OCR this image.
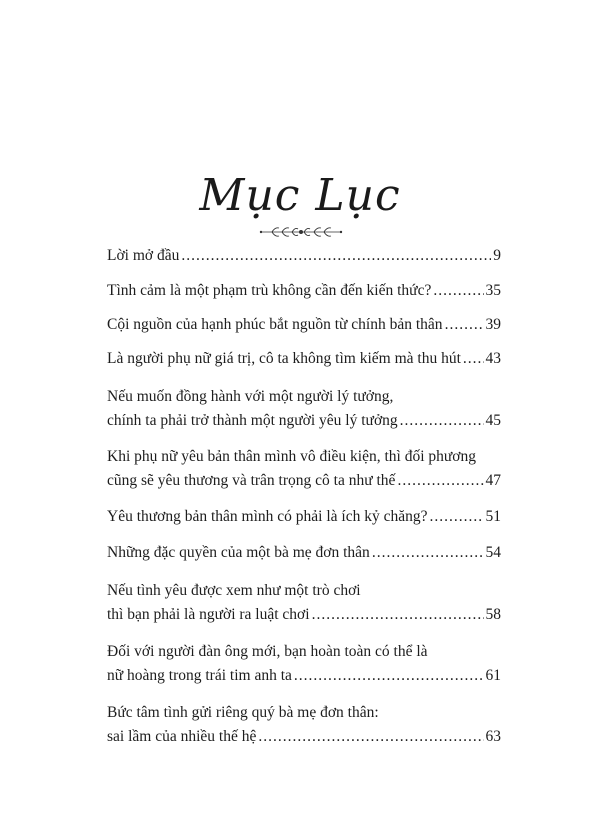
Mục Lục
Lời mở đầu .....	9
Tình cảm là một phạm trù không cần đến kiến thức? .....	35
Cội nguồn của hạnh phúc bắt nguồn từ chính bản thân .....	39
Là người phụ nữ giá trị, cô ta không tìm kiếm mà thu hút ..... 43
Nếu muốn đồng hành với một người lý tưởng,
chính ta phải trở thành một người yêu lý tưởng .....	45
Khi phụ nữ yêu bản thân mình vô điều kiện, thì đối phương
cũng sẽ yêu thương và trân trọng cô ta như thế .....	47
Yêu thương bản thân mình có phải là ích kỷ chăng? .....	51
Những đặc quyền của một bà mẹ đơn thân .....	54
Nếu tình yêu được xem như một trò chơi
thì bạn phải là người ra luật chơi .....	58
Đối với người đàn ông mới, bạn hoàn toàn có thể là
nữ hoàng trong trái tim anh ta .....	61
Bức tâm tình gửi riêng quý bà mẹ đơn thân:
sai lầm của nhiều thế hệ .....	63
